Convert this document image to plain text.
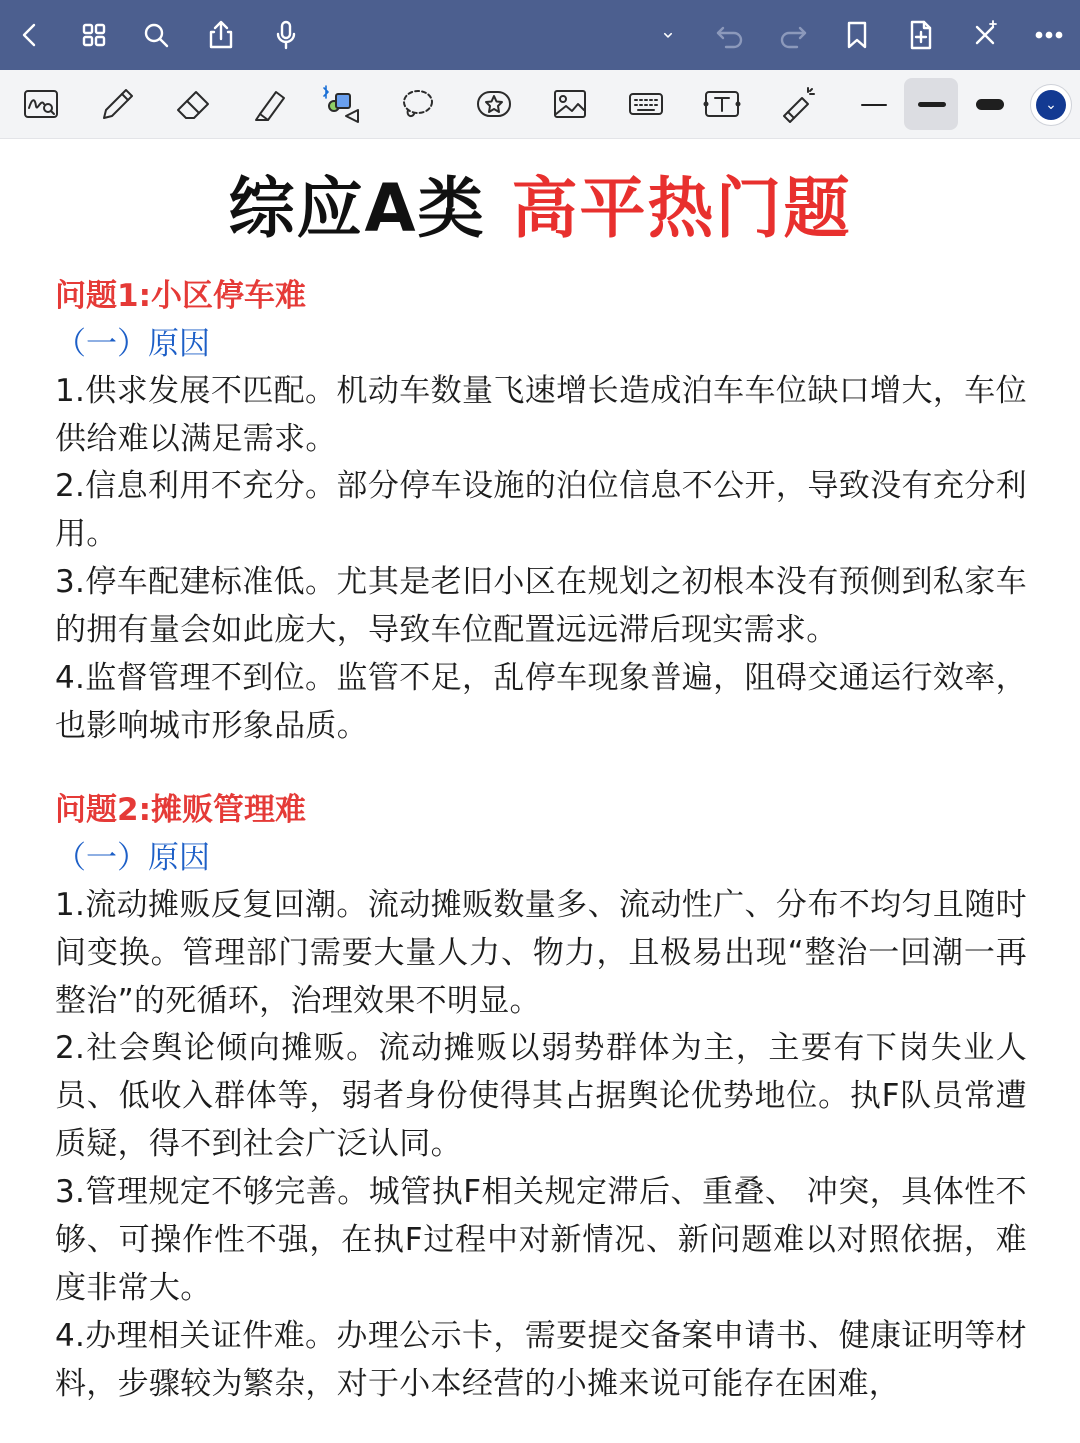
⌄
综应A类 高平热门题
问题1:小区停车难
（一）原因
1.供求发展不匹配。机动车数量飞速增长造成泊车车位缺口增大，车位供给难以满足需求。
2.信息利用不充分。部分停车设施的泊位信息不公开，导致没有充分利用。
3.停车配建标准低。尤其是老旧小区在规划之初根本没有预侧到私家车的拥有量会如此庞大，导致车位配置远远滞后现实需求。
4.监督管理不到位。监管不足，乱停车现象普遍，阻碍交通运行效率，也影响城市形象品质。
问题2:摊贩管理难
（一）原因
1.流动摊贩反复回潮。流动摊贩数量多、流动性广、分布不均匀且随时间变换。管理部门需要大量人力、物力，且极易出现“整治一回潮一再整治”的死循环，治理效果不明显。
2.社会舆论倾向摊贩。流动摊贩以弱势群体为主，主要有下岗失业人员、低收入群体等，弱者身份使得其占据舆论优势地位。执F队员常遭质疑，得不到社会广泛认同。
3.管理规定不够完善。城管执F相关规定滞后、重叠、 冲突，具体性不够、可操作性不强，在执F过程中对新情况、新问题难以对照依据，难度非常大。
4.办理相关证件难。办理公示卡，需要提交备案申请书、健康证明等材料，步骤较为繁杂，对于小本经营的小摊来说可能存在困难，
